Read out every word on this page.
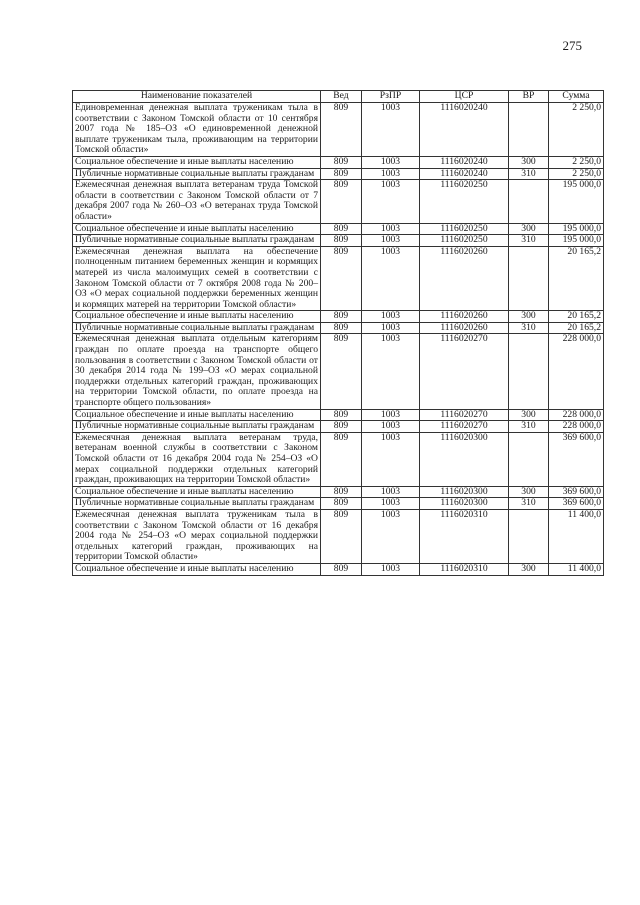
275
Наименование показателей	Вед	РзПР	ЦСР	ВР	Сумма
Единовременная денежная выплата труженикам тыла в соответствии с Законом Томской области от 10 сентября 2007 года № 185–ОЗ «О единовременной денежной выплате труженикам тыла, проживающим на территории Томской области»	809	1003	1116020240		2 250,0
Социальное обеспечение и иные выплаты населению	809	1003	1116020240	300	2 250,0
Публичные нормативные социальные выплаты гражданам	809	1003	1116020240	310	2 250,0
Ежемесячная денежная выплата ветеранам труда Томской области в соответствии с Законом Томской области от 7 декабря 2007 года № 260–ОЗ «О ветеранах труда Томской области»	809	1003	1116020250		195 000,0
Социальное обеспечение и иные выплаты населению	809	1003	1116020250	300	195 000,0
Публичные нормативные социальные выплаты гражданам	809	1003	1116020250	310	195 000,0
Ежемесячная денежная выплата на обеспечение полноценным питанием беременных женщин и кормящих матерей из числа малоимущих семей в соответствии с Законом Томской области от 7 октября 2008 года № 200–ОЗ «О мерах социальной поддержки беременных женщин и кормящих матерей на территории Томской области»	809	1003	1116020260		20 165,2
Социальное обеспечение и иные выплаты населению	809	1003	1116020260	300	20 165,2
Публичные нормативные социальные выплаты гражданам	809	1003	1116020260	310	20 165,2
Ежемесячная денежная выплата отдельным категориям граждан по оплате проезда на транспорте общего пользования в соответствии с Законом Томской области от 30 декабря 2014 года № 199–ОЗ «О мерах социальной поддержки отдельных категорий граждан, проживающих на территории Томской области, по оплате проезда на транспорте общего пользования»	809	1003	1116020270		228 000,0
Социальное обеспечение и иные выплаты населению	809	1003	1116020270	300	228 000,0
Публичные нормативные социальные выплаты гражданам	809	1003	1116020270	310	228 000,0
Ежемесячная денежная выплата ветеранам труда, ветеранам военной службы в соответствии с Законом Томской области от 16 декабря 2004 года № 254–ОЗ «О мерах социальной поддержки отдельных категорий граждан, проживающих на территории Томской области»	809	1003	1116020300		369 600,0
Социальное обеспечение и иные выплаты населению	809	1003	1116020300	300	369 600,0
Публичные нормативные социальные выплаты гражданам	809	1003	1116020300	310	369 600,0
Ежемесячная денежная выплата труженикам тыла в соответствии с Законом Томской области от 16 декабря 2004 года № 254–ОЗ «О мерах социальной поддержки отдельных категорий граждан, проживающих на территории Томской области»	809	1003	1116020310		11 400,0
Социальное обеспечение и иные выплаты населению	809	1003	1116020310	300	11 400,0
